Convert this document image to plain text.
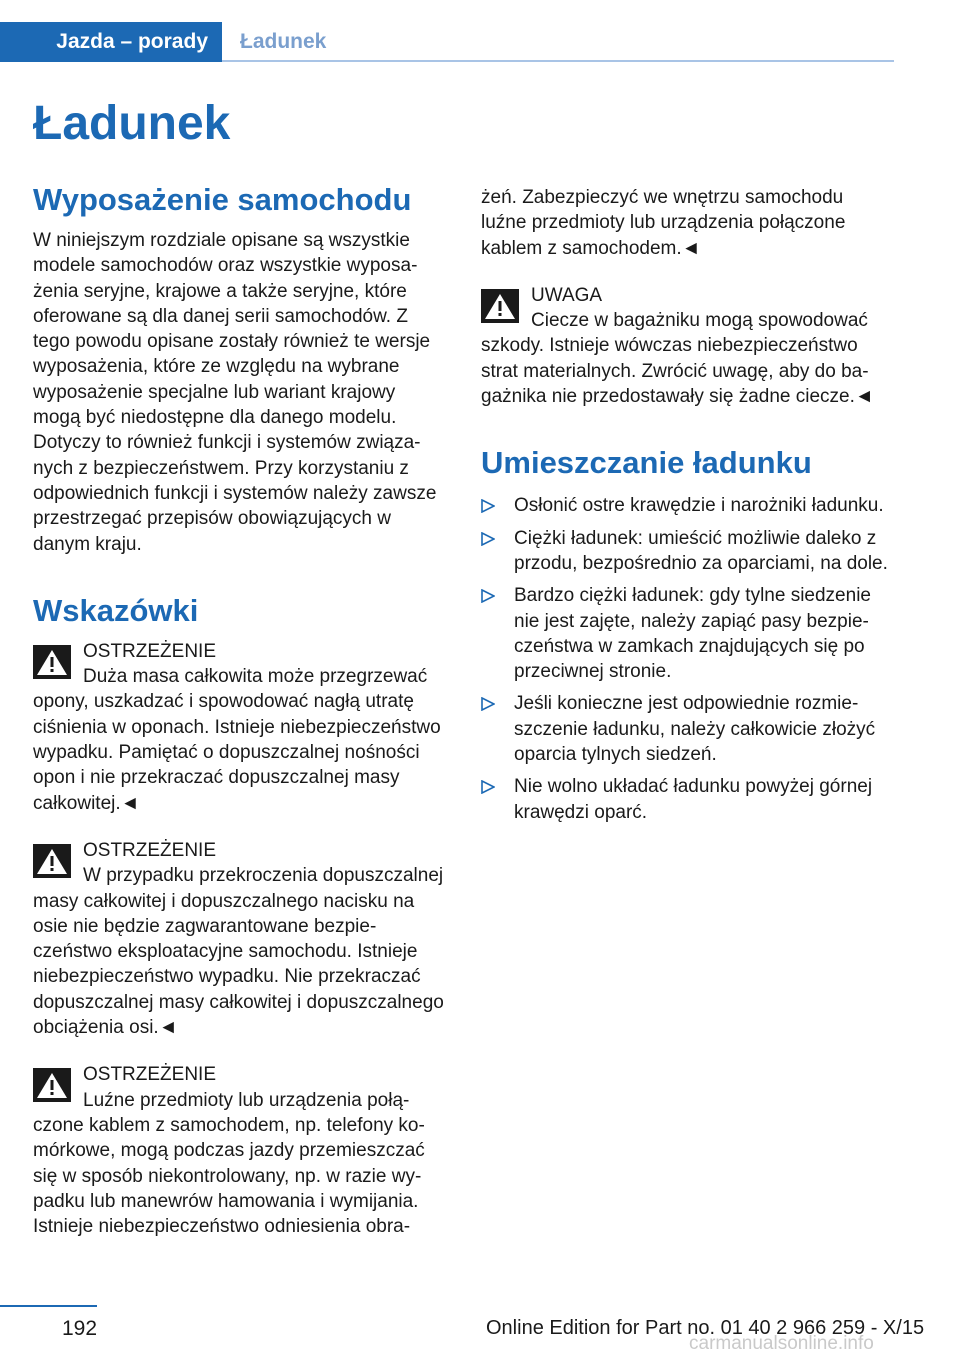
Jazda – porady	Ładunek
Ładunek
Wyposażenie samochodu

W niniejszym rozdziale opisane są wszystkie modele samochodów oraz wszystkie wyposażenia seryjne, krajowe a także seryjne, które oferowane są dla danej serii samochodów. Z tego powodu opisane zostały również te wersje wyposażenia, które ze względu na wybrane wyposażenie specjalne lub wariant krajowy mogą być niedostępne dla danego modelu. Dotyczy to również funkcji i systemów związanych z bezpieczeństwem. Przy korzystaniu z odpowiednich funkcji i systemów należy zawsze przestrzegać przepisów obowiązujących w danym kraju.

Wskazówki
OSTRZEŻENIE

Duża masa całkowita może przegrzewać opony, uszkadzać i spowodować nagłą utratę ciśnienia w oponach. Istnieje niebezpieczeństwo wypadku. Pamiętać o dopuszczalnej nośności opon i nie przekraczać dopuszczalnej masy całkowitej.◄

OSTRZEŻENIE

W przypadku przekroczenia dopuszczalnej masy całkowitej i dopuszczalnego nacisku na osie nie będzie zagwarantowane bezpieczeństwo eksploatacyjne samochodu. Istnieje niebezpieczeństwo wypadku. Nie przekraczać dopuszczalnej masy całkowitej i dopuszczalnego obciążenia osi.◄

OSTRZEŻENIE

Luźne przedmioty lub urządzenia połączone kablem z samochodem, np. telefony komórkowe, mogą podczas jazdy przemieszczać się w sposób niekontrolowany, np. w razie wypadku lub manewrów hamowania i wymijania. Istnieje niebezpieczeństwo odniesienia obra-

żeń. Zabezpieczyć we wnętrzu samochodu luźne przedmioty lub urządzenia połączone kablem z samochodem.◄

UWAGA

Ciecze w bagażniku mogą spowodować szkody. Istnieje wówczas niebezpieczeństwo strat materialnych. Zwrócić uwagę, aby do bagażnika nie przedostawały się żadne ciecze.◄

Umieszczanie ładunku
Osłonić ostre krawędzie i narożniki ładunku.
Ciężki ładunek: umieścić możliwie daleko z przodu, bezpośrednio za oparciami, na dole.
Bardzo ciężki ładunek: gdy tylne siedzenie nie jest zajęte, należy zapiąć pasy bezpieczeństwa w zamkach znajdujących się po przeciwnej stronie.
Jeśli konieczne jest odpowiednie rozmieszczenie ładunku, należy całkowicie złożyć oparcia tylnych siedzeń.
Nie wolno układać ładunku powyżej górnej krawędzi oparć.
192	Online Edition for Part no. 01 40 2 966 259 - X/15
carmanualsonline.info
